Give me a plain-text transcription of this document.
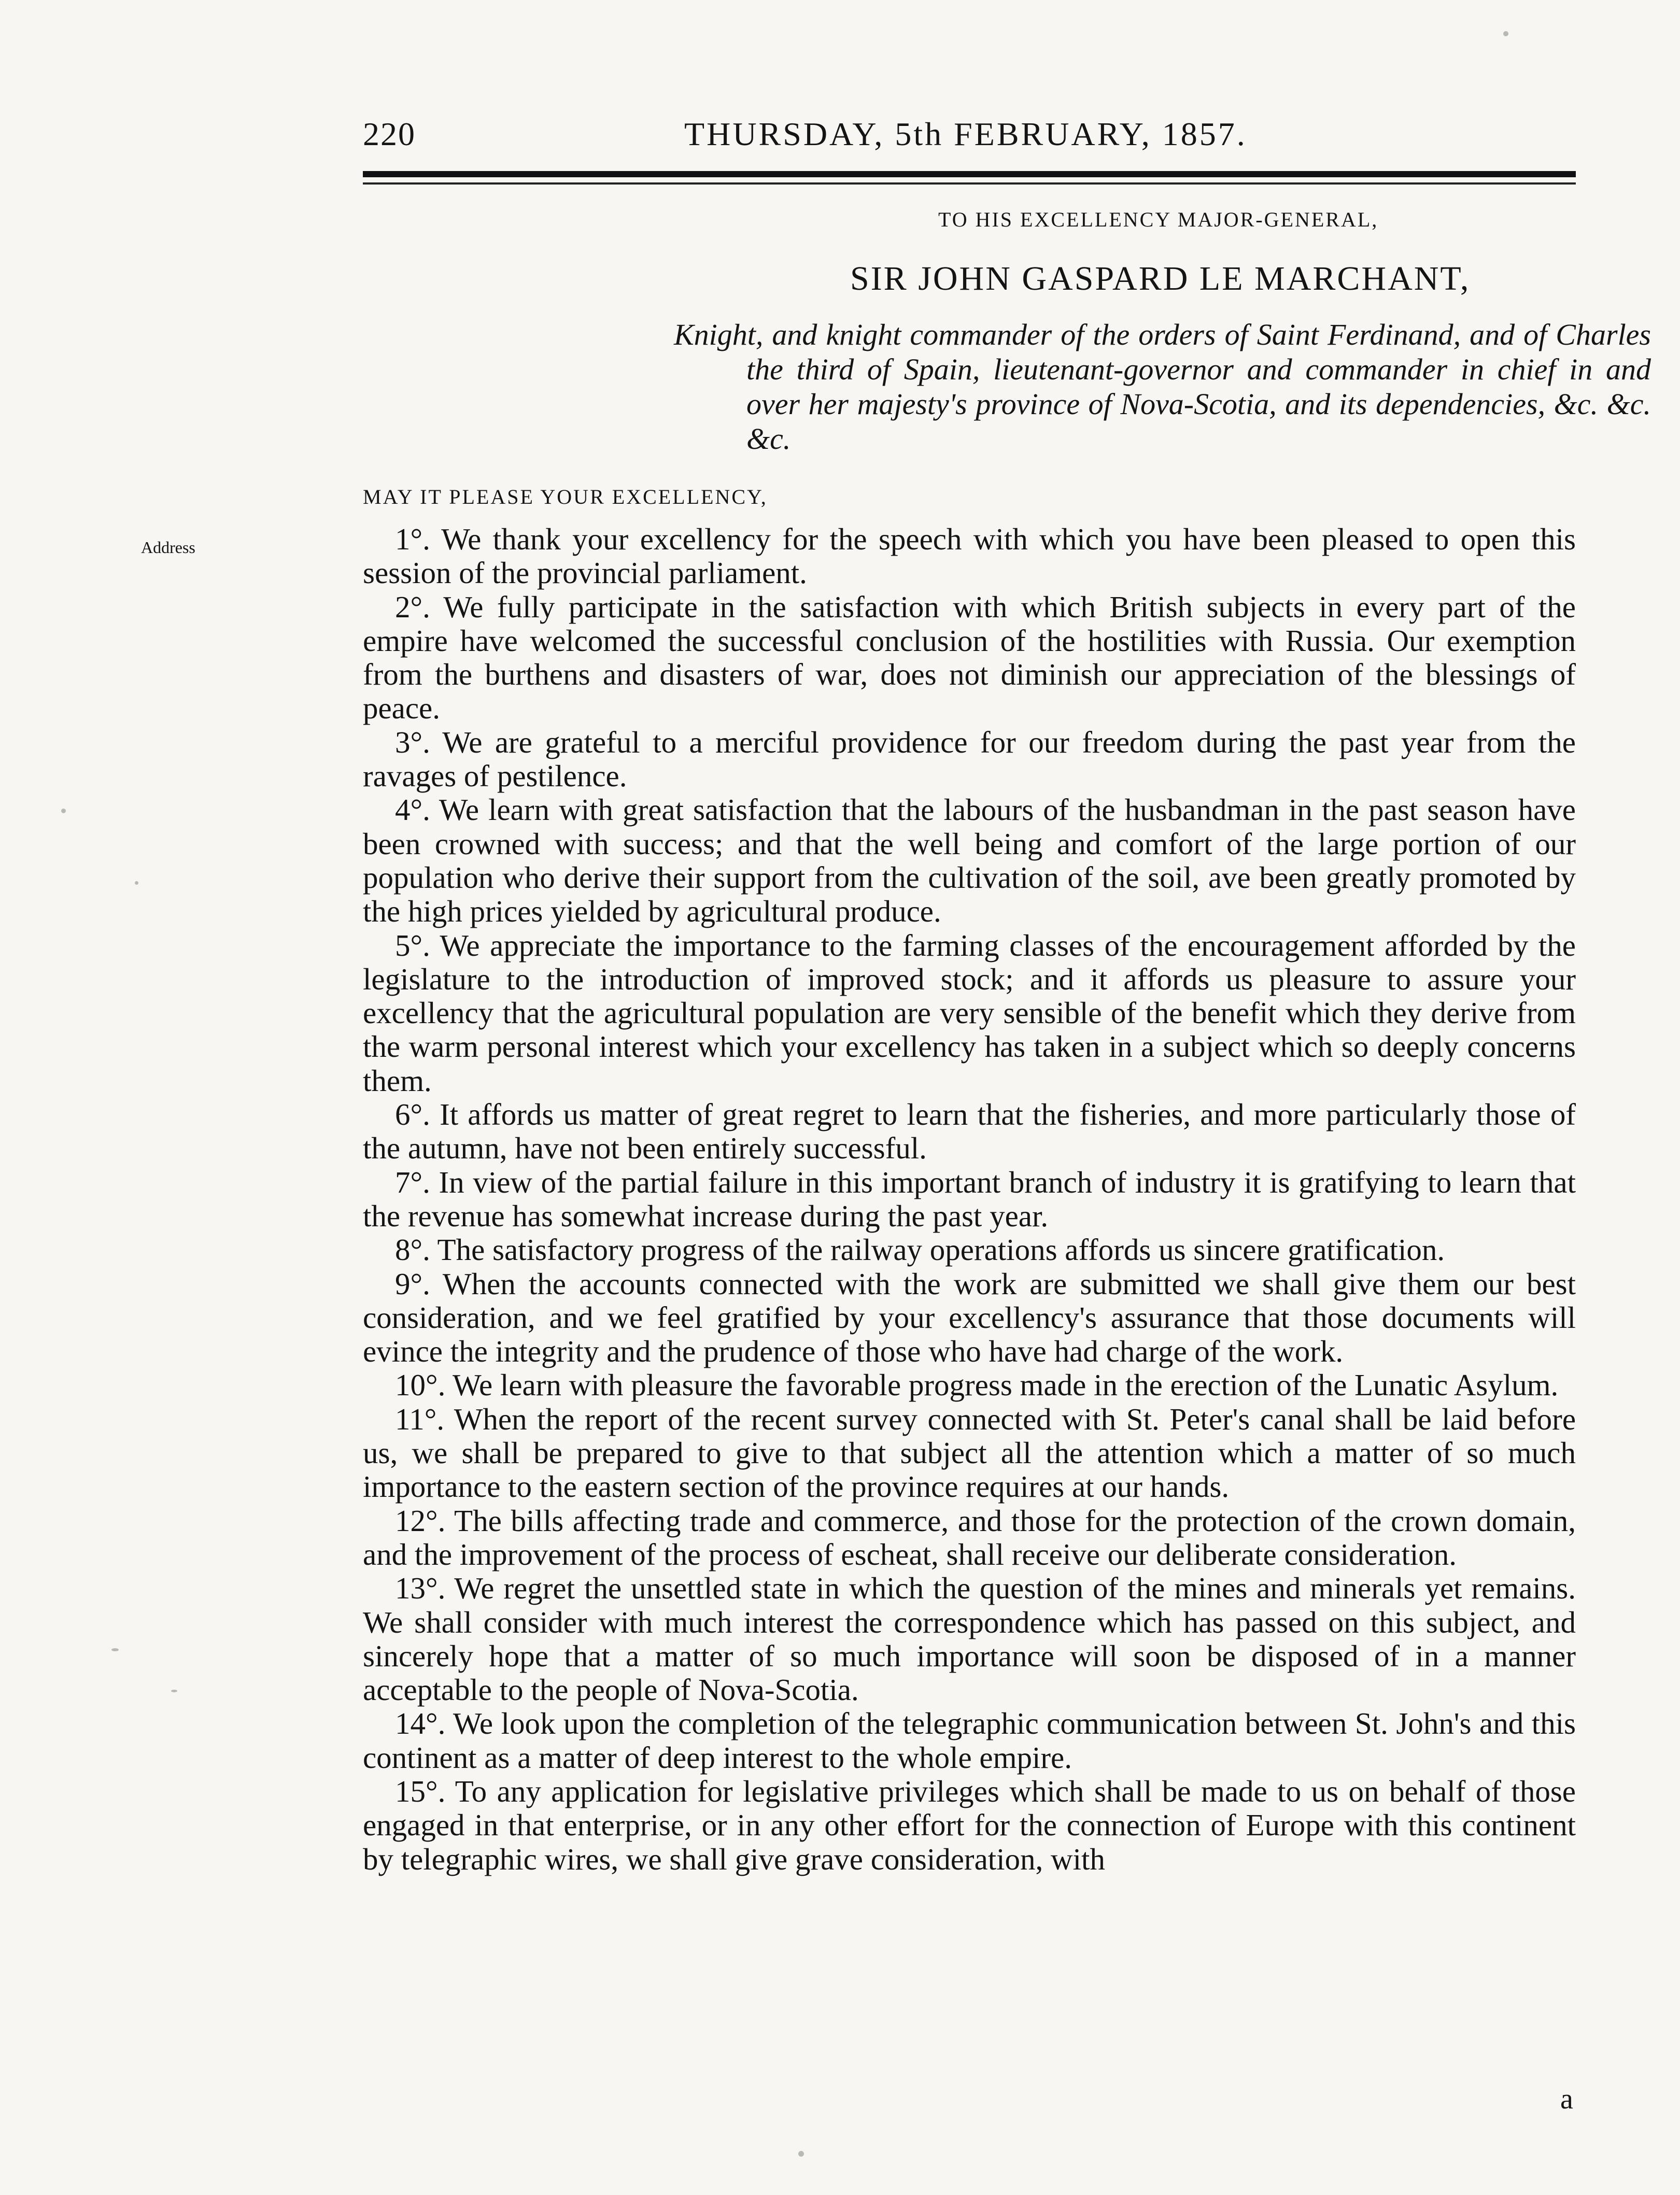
220	THURSDAY, 5th FEBRUARY, 1857.
TO HIS EXCELLENCY MAJOR-GENERAL,
SIR JOHN GASPARD LE MARCHANT,
Knight, and knight commander of the orders of Saint Ferdinand, and of Charles the third of Spain, lieutenant-governor and commander in chief in and over her majesty's province of Nova-Scotia, and its dependencies, &c. &c. &c.
MAY IT PLEASE YOUR EXCELLENCY,
Address	1°. We thank your excellency for the speech with which you have been pleased to open this session of the provincial parliament.

2°. We fully participate in the satisfaction with which British subjects in every part of the empire have welcomed the successful conclusion of the hostilities with Russia. Our exemption from the burthens and disasters of war, does not diminish our appreciation of the blessings of peace.

3°. We are grateful to a merciful providence for our freedom during the past year from the ravages of pestilence.

4°. We learn with great satisfaction that the labours of the husbandman in the past season have been crowned with success; and that the well being and comfort of the large portion of our population who derive their support from the cultivation of the soil, ave been greatly promoted by the high prices yielded by agricultural produce.

5°. We appreciate the importance to the farming classes of the encouragement afforded by the legislature to the introduction of improved stock; and it affords us pleasure to assure your excellency that the agricultural population are very sensible of the benefit which they derive from the warm personal interest which your excellency has taken in a subject which so deeply concerns them.

6°. It affords us matter of great regret to learn that the fisheries, and more particularly those of the autumn, have not been entirely successful.

7°. In view of the partial failure in this important branch of industry it is gratifying to learn that the revenue has somewhat increase during the past year.

8°. The satisfactory progress of the railway operations affords us sincere gratification.

9°. When the accounts connected with the work are submitted we shall give them our best consideration, and we feel gratified by your excellency's assurance that those documents will evince the integrity and the prudence of those who have had charge of the work.

10°. We learn with pleasure the favorable progress made in the erection of the Lunatic Asylum.

11°. When the report of the recent survey connected with St. Peter's canal shall be laid before us, we shall be prepared to give to that subject all the attention which a matter of so much importance to the eastern section of the province requires at our hands.

12°. The bills affecting trade and commerce, and those for the protection of the crown domain, and the improvement of the process of escheat, shall receive our deliberate consideration.

13°. We regret the unsettled state in which the question of the mines and minerals yet remains. We shall consider with much interest the correspondence which has passed on this subject, and sincerely hope that a matter of so much importance will soon be disposed of in a manner acceptable to the people of Nova-Scotia.

14°. We look upon the completion of the telegraphic communication between St. John's and this continent as a matter of deep interest to the whole empire.

15°. To any application for legislative privileges which shall be made to us on behalf of those engaged in that enterprise, or in any other effort for the connection of Europe with this continent by telegraphic wires, we shall give grave consideration, with

a
